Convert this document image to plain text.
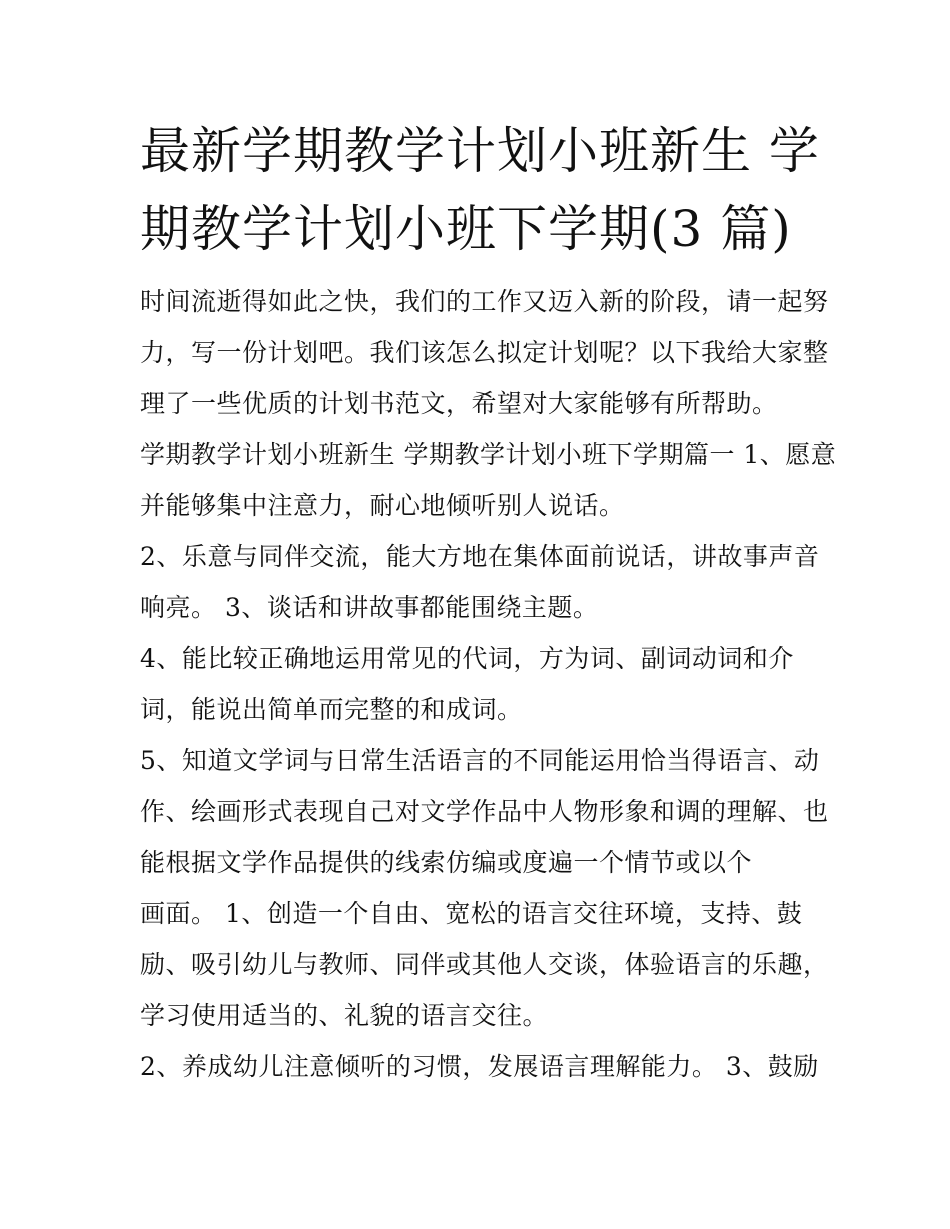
最新学期教学计划小班新生 学
期教学计划小班下学期(3 篇)
时间流逝得如此之快，我们的工作又迈入新的阶段，请一起努
力，写一份计划吧。我们该怎么拟定计划呢？以下我给大家整
理了一些优质的计划书范文，希望对大家能够有所帮助。
学期教学计划小班新生 学期教学计划小班下学期篇一 1、愿意
并能够集中注意力，耐心地倾听别人说话。
2、乐意与同伴交流，能大方地在集体面前说话，讲故事声音
响亮。 3、谈话和讲故事都能围绕主题。
4、能比较正确地运用常见的代词，方为词、副词动词和介
词，能说出简单而完整的和成词。
5、知道文学词与日常生活语言的不同能运用恰当得语言、动
作、绘画形式表现自己对文学作品中人物形象和调的理解、也
能根据文学作品提供的线索仿编或度遍一个情节或以个
画面。 1、创造一个自由、宽松的语言交往环境，支持、鼓
励、吸引幼儿与教师、同伴或其他人交谈，体验语言的乐趣，
学习使用适当的、礼貌的语言交往。
2、养成幼儿注意倾听的习惯，发展语言理解能力。 3、鼓励
